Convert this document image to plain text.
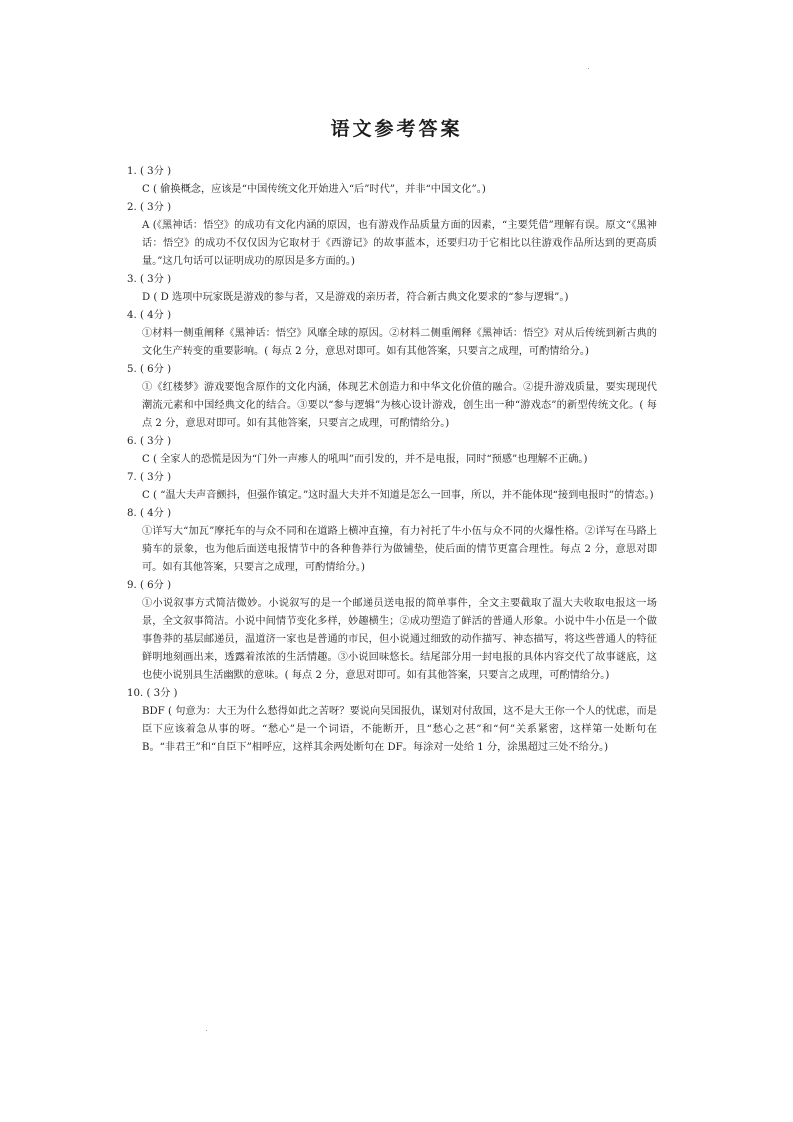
语文参考答案

1. ( 3分 )

C ( 偷换概念，应该是“中国传统文化开始进入“后”时代”，并非“中国文化”。)

2. ( 3分 )

A (《黑神话：悟空》的成功有文化内涵的原因，也有游戏作品质量方面的因素，“主要凭借”理解有误。原文“《黑神话：悟空》的成功不仅仅因为它取材于《西游记》的故事蓝本，还要归功于它相比以往游戏作品所达到的更高质量。”这几句话可以证明成功的原因是多方面的。)

3. ( 3分 )

D ( D 选项中玩家既是游戏的参与者，又是游戏的亲历者，符合新古典文化要求的“参与逻辑”。)

4. ( 4分 )

①材料一侧重阐释《黑神话：悟空》风靡全球的原因。②材料二侧重阐释《黑神话：悟空》对从后传统到新古典的文化生产转变的重要影响。( 每点 2 分，意思对即可。如有其他答案，只要言之成理，可酌情给分。)

5. ( 6分 )

①《红楼梦》游戏要饱含原作的文化内涵，体现艺术创造力和中华文化价值的融合。②提升游戏质量，要实现现代潮流元素和中国经典文化的结合。③要以“参与逻辑”为核心设计游戏，创生出一种“游戏态”的新型传统文化。( 每点 2 分，意思对即可。如有其他答案，只要言之成理，可酌情给分。)

6. ( 3分 )

C ( 全家人的恐慌是因为“门外一声瘆人的吼叫”而引发的，并不是电报，同时“预感”也理解不正确。)

7. ( 3分 )

C ( “温大夫声音颤抖，但强作镇定。”这时温大夫并不知道是怎么一回事，所以，并不能体现“接到电报时”的情态。)

8. ( 4分 )

①详写大“加瓦”摩托车的与众不同和在道路上横冲直撞，有力衬托了牛小伍与众不同的火爆性格。②详写在马路上骑车的景象，也为他后面送电报情节中的各种鲁莽行为做铺垫，使后面的情节更富合理性。每点 2 分，意思对即可。如有其他答案，只要言之成理，可酌情给分。)

9. ( 6分 )

①小说叙事方式简洁微妙。小说叙写的是一个邮递员送电报的简单事件，全文主要截取了温大夫收取电报这一场景，全文叙事简洁。小说中间情节变化多样，妙趣横生；②成功塑造了鲜活的普通人形象。小说中牛小伍是一个做事鲁莽的基层邮递员，温道济一家也是普通的市民，但小说通过细致的动作描写、神态描写，将这些普通人的特征鲜明地刻画出来，透露着浓浓的生活情趣。③小说回味悠长。结尾部分用一封电报的具体内容交代了故事谜底，这也使小说别具生活幽默的意味。( 每点 2 分，意思对即可。如有其他答案，只要言之成理，可酌情给分。)

10. ( 3分 )

BDF ( 句意为：大王为什么愁得如此之苦呀？要说向吴国报仇，谋划对付敌国，这不是大王你一个人的忧虑，而是臣下应该着急从事的呀。“愁心”是一个词语，不能断开，且“愁心之甚”和“何”关系紧密，这样第一处断句在 B。“非君王”和“自臣下”相呼应，这样其余两处断句在 DF。每涂对一处给 1 分，涂黑超过三处不给分。)
